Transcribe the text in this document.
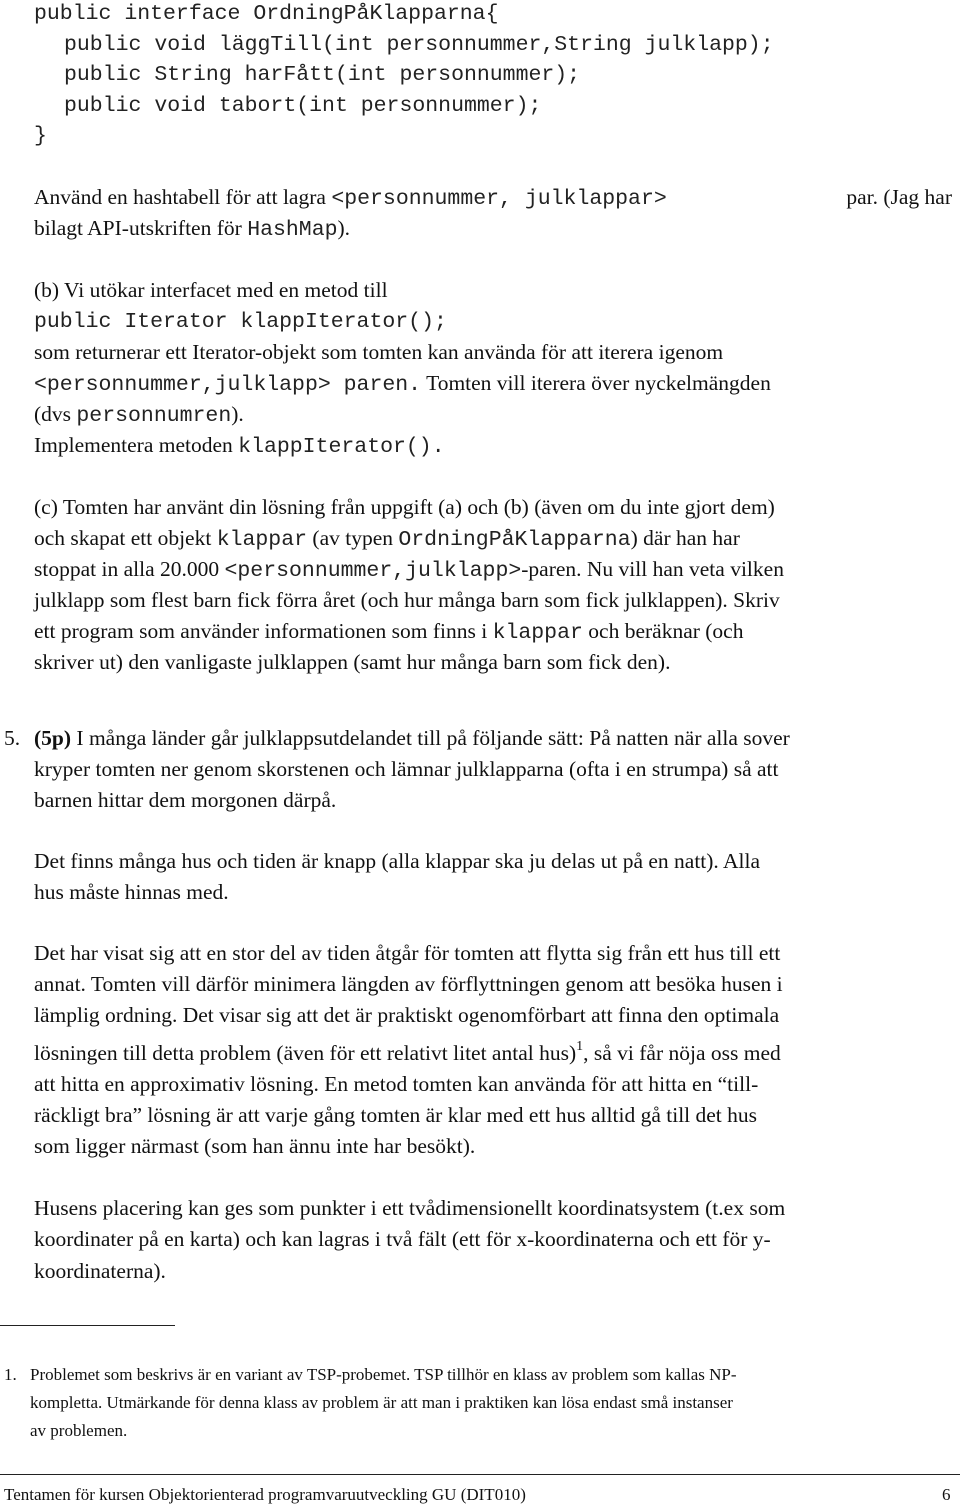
public interface OrdningPåKlapparna{
public void läggTill(int personnummer,String julklapp);
public String harFått(int personnummer);
public void tabort(int personnummer);
}
Använd en hashtabell för att lagra <personnummer, julklappar>	par. (Jag har
bilagt API-utskriften för HashMap).
(b) Vi utökar interfacet med en metod till
public Iterator klappIterator();
som returnerar ett Iterator-objekt som tomten kan använda för att iterera igenom
<personnummer,julklapp> paren. Tomten vill iterera över nyckelmängden
(dvs personnumren).
Implementera metoden klappIterator().
(c) Tomten har använt din lösning från uppgift (a) och (b) (även om du inte gjort dem)
och skapat ett objekt klappar (av typen OrdningPåKlapparna) där han har
stoppat in alla 20.000 <personnummer,julklapp>-paren. Nu vill han veta vilken
julklapp som flest barn fick förra året (och hur många barn som fick julklappen). Skriv
ett program som använder informationen som finns i klappar och beräknar (och
skriver ut) den vanligaste julklappen (samt hur många barn som fick den).
5. (5p) I många länder går julklappsutdelandet till på följande sätt: På natten när alla sover
kryper tomten ner genom skorstenen och lämnar julklapparna (ofta i en strumpa) så att
barnen hittar dem morgonen därpå.
Det finns många hus och tiden är knapp (alla klappar ska ju delas ut på en natt). Alla
hus måste hinnas med.
Det har visat sig att en stor del av tiden åtgår för tomten att flytta sig från ett hus till ett
annat. Tomten vill därför minimera längden av förflyttningen genom att besöka husen i
lämplig ordning. Det visar sig att det är praktiskt ogenomförbart att finna den optimala
lösningen till detta problem (även för ett relativt litet antal hus)$^1$, så vi får nöja oss med
att hitta en approximativ lösning. En metod tomten kan använda för att hitta en “till-
räckligt bra” lösning är att varje gång tomten är klar med ett hus alltid gå till det hus
som ligger närmast (som han ännu inte har besökt).
Husens placering kan ges som punkter i ett tvådimensionellt koordinatsystem (t.ex som
koordinater på en karta) och kan lagras i två fält (ett för x-koordinaterna och ett för y-
koordinaterna).
1. Problemet som beskrivs är en variant av TSP-probemet. TSP tillhör en klass av problem som kallas NP-
kompletta. Utmärkande för denna klass av problem är att man i praktiken kan lösa endast små instanser
av problemen.
Tentamen för kursen Objektorienterad programvaruutveckling GU (DIT010)	6
